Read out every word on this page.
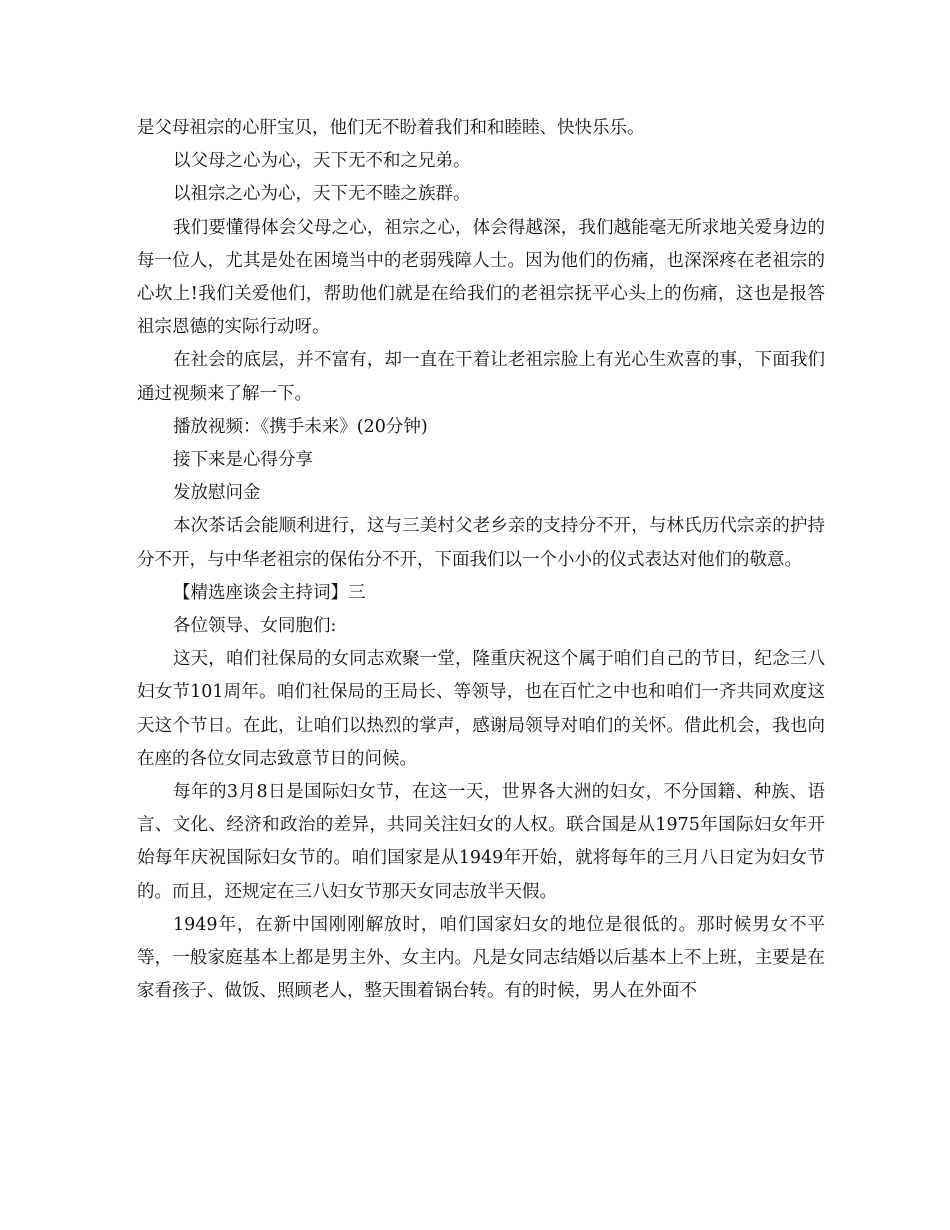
是父母祖宗的心肝宝贝，他们无不盼着我们和和睦睦、快快乐乐。

以父母之心为心，天下无不和之兄弟。

以祖宗之心为心，天下无不睦之族群。

我们要懂得体会父母之心，祖宗之心，体会得越深，我们越能毫无所求地关爱身边的每一位人，尤其是处在困境当中的老弱残障人士。因为他们的伤痛，也深深疼在老祖宗的心坎上!我们关爱他们，帮助他们就是在给我们的老祖宗抚平心头上的伤痛，这也是报答祖宗恩德的实际行动呀。

在社会的底层，并不富有，却一直在干着让老祖宗脸上有光心生欢喜的事，下面我们通过视频来了解一下。

播放视频：《携手未来》(20分钟)

接下来是心得分享

发放慰问金

本次茶话会能顺利进行，这与三美村父老乡亲的支持分不开，与林氏历代宗亲的护持分不开，与中华老祖宗的保佑分不开，下面我们以一个小小的仪式表达对他们的敬意。

【精选座谈会主持词】三

各位领导、女同胞们:

这天，咱们社保局的女同志欢聚一堂，隆重庆祝这个属于咱们自己的节日，纪念三八妇女节101周年。咱们社保局的王局长、等领导，也在百忙之中也和咱们一齐共同欢度这天这个节日。在此，让咱们以热烈的掌声，感谢局领导对咱们的关怀。借此机会，我也向在座的各位女同志致意节日的问候。

每年的3月8日是国际妇女节，在这一天，世界各大洲的妇女，不分国籍、种族、语言、文化、经济和政治的差异，共同关注妇女的人权。联合国是从1975年国际妇女年开始每年庆祝国际妇女节的。咱们国家是从1949年开始，就将每年的三月八日定为妇女节的。而且，还规定在三八妇女节那天女同志放半天假。

1949年，在新中国刚刚解放时，咱们国家妇女的地位是很低的。那时候男女不平等，一般家庭基本上都是男主外、女主内。凡是女同志结婚以后基本上不上班，主要是在家看孩子、做饭、照顾老人，整天围着锅台转。有的时候，男人在外面不
